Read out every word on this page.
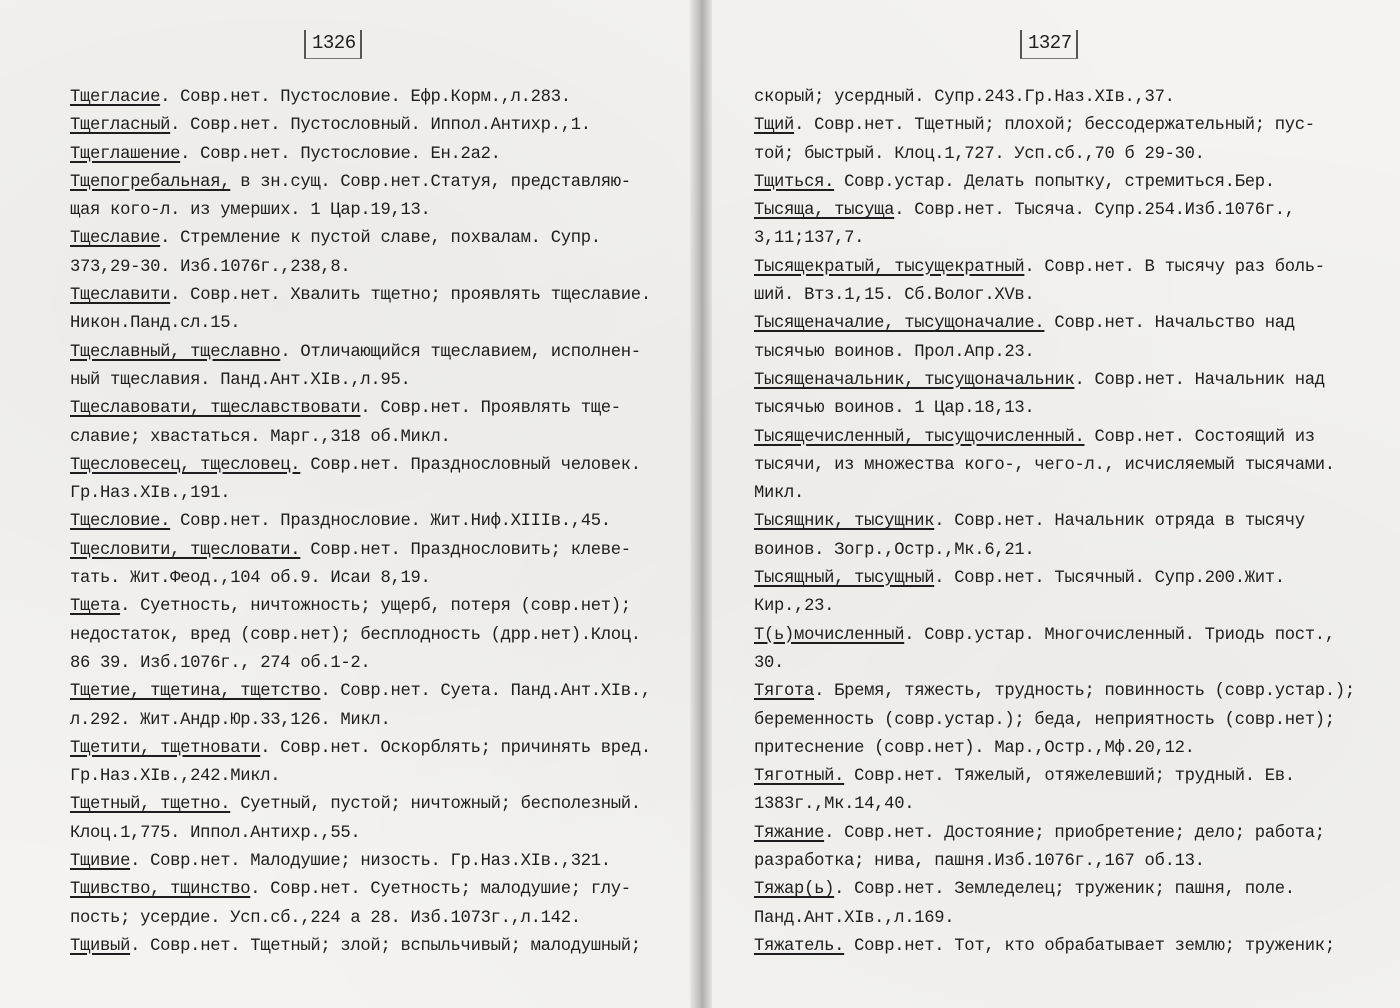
1326
Тщегласие. Совр.нет. Пустословие. Ефр.Корм.,л.283.
Тщегласный. Совр.нет. Пустословный. Иппол.Антихр.,1.
Тщеглашение. Совр.нет. Пустословие. Ен.2а2.
Тщепогребальная, в зн.сущ. Совр.нет.Статуя, представляю-
щая кого-л. из умерших. 1 Цар.19,13.
Тщеславие. Стремление к пустой славе, похвалам. Супр.
373,29-30. Изб.1076г.,238,8.
Тщеславити. Совр.нет. Хвалить тщетно; проявлять тщеславие.
Никон.Панд.сл.15.
Тщеславный, тщеславно. Отличающийся тщеславием, исполнен-
ный тщеславия. Панд.Ант.XIв.,л.95.
Тщеславовати, тщеславствовати. Совр.нет. Проявлять тще-
славие; хвастаться. Марг.,318 об.Микл.
Тщесловесец, тщесловец. Совр.нет. Празднословный человек.
Гр.Наз.XIв.,191.
Тщесловие. Совр.нет. Празднословие. Жит.Ниф.XIIIв.,45.
Тщесловити, тщесловати. Совр.нет. Празднословить; клеве-
тать. Жит.Феод.,104 об.9. Исаи 8,19.
Тщета. Суетность, ничтожность; ущерб, потеря (совр.нет);
недостаток, вред (совр.нет); бесплодность (дрр.нет).Клоц.
86 39. Изб.1076г., 274 об.1-2.
Тщетие, тщетина, тщетство. Совр.нет. Суета. Панд.Ант.XIв.,
л.292. Жит.Андр.Юр.33,126. Микл.
Тщетити, тщетновати. Совр.нет. Оскорблять; причинять вред.
Гр.Наз.XIв.,242.Микл.
Тщетный, тщетно. Суетный, пустой; ничтожный; бесполезный.
Клоц.1,775. Иппол.Антихр.,55.
Тщивие. Совр.нет. Малодушие; низость. Гр.Наз.XIв.,321.
Тщивство, тщинство. Совр.нет. Суетность; малодушие; глу-
пость; усердие. Усп.сб.,224 а 28. Изб.1073г.,л.142.
Тщивый. Совр.нет. Тщетный; злой; вспыльчивый; малодушный;
1327
скорый; усердный. Супр.243.Гр.Наз.XIв.,37.
Тщий. Совр.нет. Тщетный; плохой; бессодержательный; пус-
той; быстрый. Клоц.1,727. Усп.сб.,70 б 29-30.
Тщиться. Совр.устар. Делать попытку, стремиться.Бер.
Тысяща, тысуща. Совр.нет. Тысяча. Супр.254.Изб.1076г.,
3,11;137,7.
Тысящекратый, тысущекратный. Совр.нет. В тысячу раз боль-
ший. Втз.1,15. Сб.Волог.XVв.
Тысященачалие, тысущоначалие. Совр.нет. Начальство над
тысячью воинов. Прол.Апр.23.
Тысященачальник, тысущоначальник. Совр.нет. Начальник над
тысячью воинов. 1 Цар.18,13.
Тысящечисленный, тысущочисленный. Совр.нет. Состоящий из
тысячи, из множества кого-, чего-л., исчисляемый тысячами.
Микл.
Тысящник, тысущник. Совр.нет. Начальник отряда в тысячу
воинов. Зогр.,Остр.,Мк.6,21.
Тысящный, тысущный. Совр.нет. Тысячный. Супр.200.Жит.
Кир.,23.
Т(ь)мочисленный. Совр.устар. Многочисленный. Триодь пост.,
30.
Тягота. Бремя, тяжесть, трудность; повинность (совр.устар.);
беременность (совр.устар.); беда, неприятность (совр.нет);
притеснение (совр.нет). Мар.,Остр.,Мф.20,12.
Тяготный. Совр.нет. Тяжелый, отяжелевший; трудный. Ев.
1383г.,Мк.14,40.
Тяжание. Совр.нет. Достояние; приобретение; дело; работа;
разработка; нива, пашня.Изб.1076г.,167 об.13.
Тяжар(ь). Совр.нет. Земледелец; труженик; пашня, поле.
Панд.Ант.XIв.,л.169.
Тяжатель. Совр.нет. Тот, кто обрабатывает землю; труженик;
